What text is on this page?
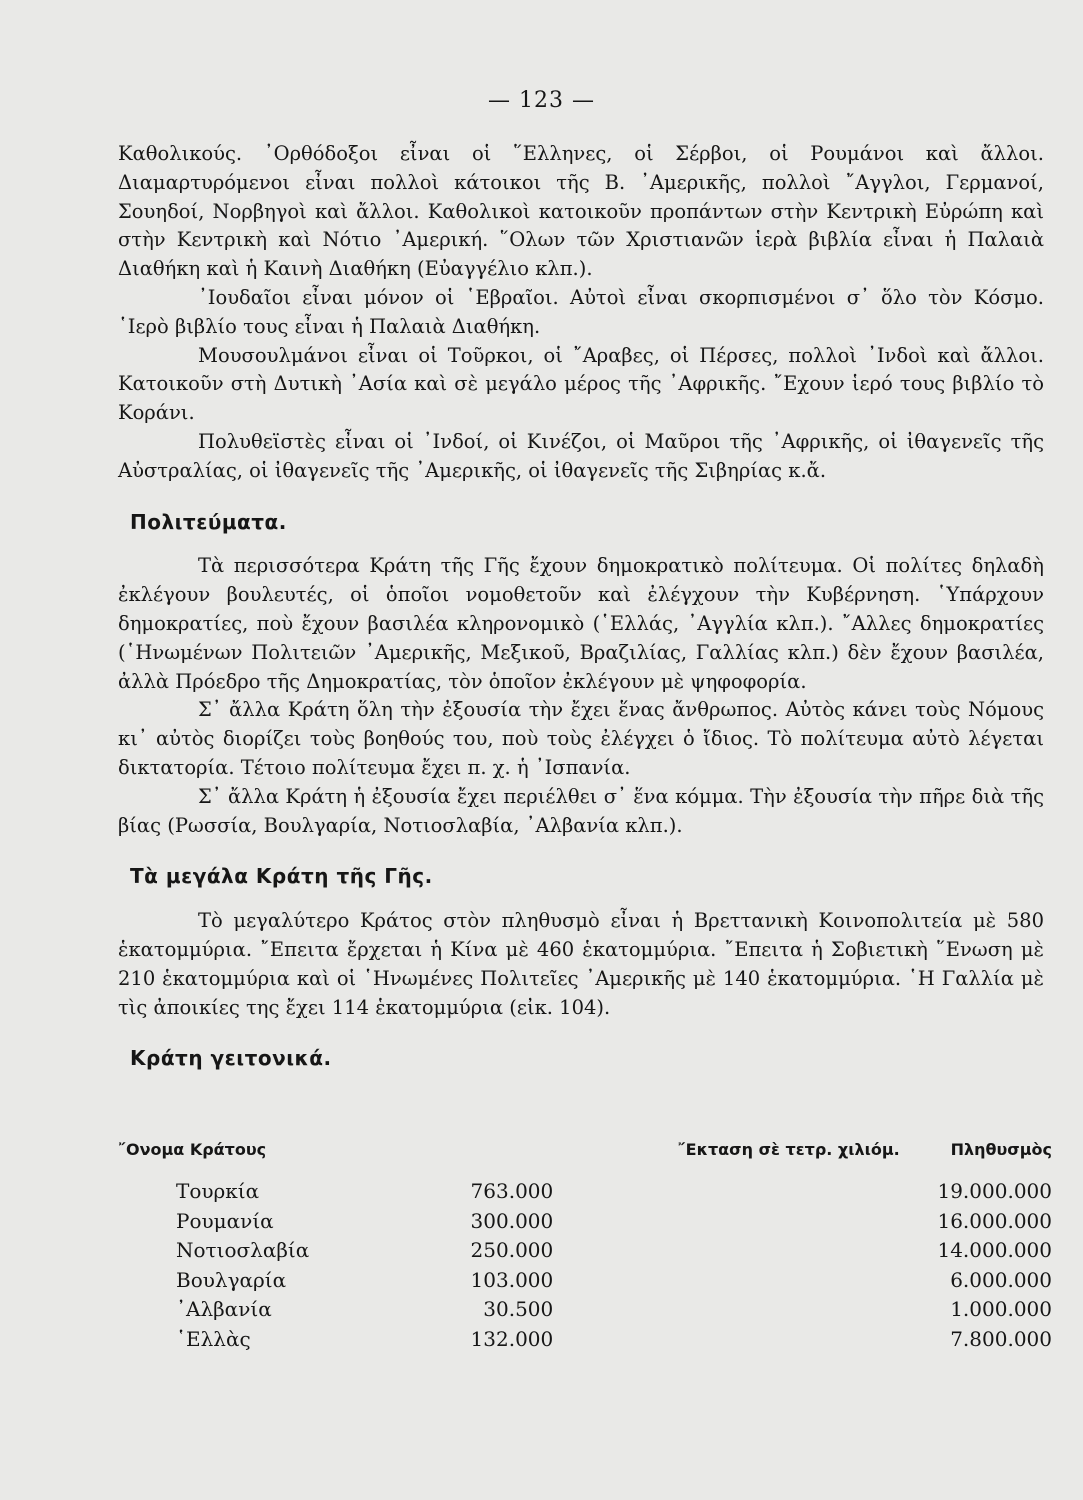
— 123 —

Καθολικούς. ᾿Ορθόδοξοι εἶναι οἱ ῞Ελληνες, οἱ Σέρβοι, οἱ Ρουμάνοι καὶ ἄλλοι. Διαμαρτυρόμενοι εἶναι πολλοὶ κάτοικοι τῆς Β. ᾿Αμερικῆς, πολλοὶ ῎Αγγλοι, Γερμανοί, Σουηδοί, Νορβηγοὶ καὶ ἄλλοι. Καθολικοὶ κατοικοῦν προπάντων στὴν Κεντρικὴ Εὐρώπη καὶ στὴν Κεντρικὴ καὶ Νότιο ᾿Αμερική. ῞Ολων τῶν Χριστιανῶν ἱερὰ βιβλία εἶναι ἡ Παλαιὰ Διαθήκη καὶ ἡ Καινὴ Διαθήκη (Εὐαγγέλιο κλπ.).

᾿Ιουδαῖοι εἶναι μόνον οἱ ῾Εβραῖοι. Αὐτοὶ εἶναι σκορπισμένοι σ᾿ ὅλο τὸν Κόσμο. ῾Ιερὸ βιβλίο τους εἶναι ἡ Παλαιὰ Διαθήκη.

Μουσουλμάνοι εἶναι οἱ Τοῦρκοι, οἱ ῎Αραβες, οἱ Πέρσες, πολλοὶ ᾿Ινδοὶ καὶ ἄλλοι. Κατοικοῦν στὴ Δυτικὴ ᾿Ασία καὶ σὲ μεγάλο μέρος τῆς ᾿Αφρικῆς. ῎Εχουν ἱερό τους βιβλίο τὸ Κοράνι.

Πολυθεϊστὲς εἶναι οἱ ᾿Ινδοί, οἱ Κινέζοι, οἱ Μαῦροι τῆς ᾿Αφρικῆς, οἱ ἰθαγενεῖς τῆς Αὐστραλίας, οἱ ἰθαγενεῖς τῆς ᾿Αμερικῆς, οἱ ἰθαγενεῖς τῆς Σιβηρίας κ.ἄ.

Πολιτεύματα.

Τὰ περισσότερα Κράτη τῆς Γῆς ἔχουν δημοκρατικὸ πολίτευμα. Οἱ πολίτες δηλαδὴ ἐκλέγουν βουλευτές, οἱ ὁποῖοι νομοθετοῦν καὶ ἐλέγχουν τὴν Κυβέρνηση. ῾Υπάρχουν δημοκρατίες, ποὺ ἔχουν βασιλέα κληρονομικὸ (῾Ελλάς, ᾿Αγγλία κλπ.). ῎Αλλες δημοκρατίες (῾Ηνωμένων Πολιτειῶν ᾿Αμερικῆς, Μεξικοῦ, Βραζιλίας, Γαλλίας κλπ.) δὲν ἔχουν βασιλέα, ἀλλὰ Πρόεδρο τῆς Δημοκρατίας, τὸν ὁποῖον ἐκλέγουν μὲ ψηφοφορία.

Σ᾿ ἄλλα Κράτη ὅλη τὴν ἐξουσία τὴν ἔχει ἕνας ἄνθρωπος. Αὐτὸς κάνει τοὺς Νόμους κι᾿ αὐτὸς διορίζει τοὺς βοηθούς του, ποὺ τοὺς ἐλέγχει ὁ ἴδιος. Τὸ πολίτευμα αὐτὸ λέγεται δικτατορία. Τέτοιο πολίτευμα ἔχει π. χ. ἡ ᾿Ισπανία.

Σ᾿ ἄλλα Κράτη ἡ ἐξουσία ἔχει περιέλθει σ᾿ ἕνα κόμμα. Τὴν ἐξουσία τὴν πῆρε διὰ τῆς βίας (Ρωσσία, Βουλγαρία, Νοτιοσλαβία, ᾿Αλβανία κλπ.).

Τὰ μεγάλα Κράτη τῆς Γῆς.

Τὸ μεγαλύτερο Κράτος στὸν πληθυσμὸ εἶναι ἡ Βρεττανικὴ Κοινοπολιτεία μὲ 580 ἑκατομμύρια. ῎Επειτα ἔρχεται ἡ Κίνα μὲ 460 ἑκατομμύρια. ῎Επειτα ἡ Σοβιετικὴ ῞Ενωση μὲ 210 ἑκατομμύρια καὶ οἱ ῾Ηνωμένες Πολιτεῖες ᾿Αμερικῆς μὲ 140 ἑκατομμύρια. ῾Η Γαλλία μὲ τὶς ἀποικίες της ἔχει 114 ἑκατομμύρια (εἰκ. 104).

Κράτη γειτονικά.
῎Ονομα Κράτους	῎Εκταση σὲ τετρ. χιλιόμ.	Πληθυσμὸς
Τουρκία	763.000	19.000.000
Ρουμανία	300.000	16.000.000
Νοτιοσλαβία	250.000	14.000.000
Βουλγαρία	103.000	6.000.000
᾿Αλβανία	30.500	1.000.000
῾Ελλὰς	132.000	7.800.000
